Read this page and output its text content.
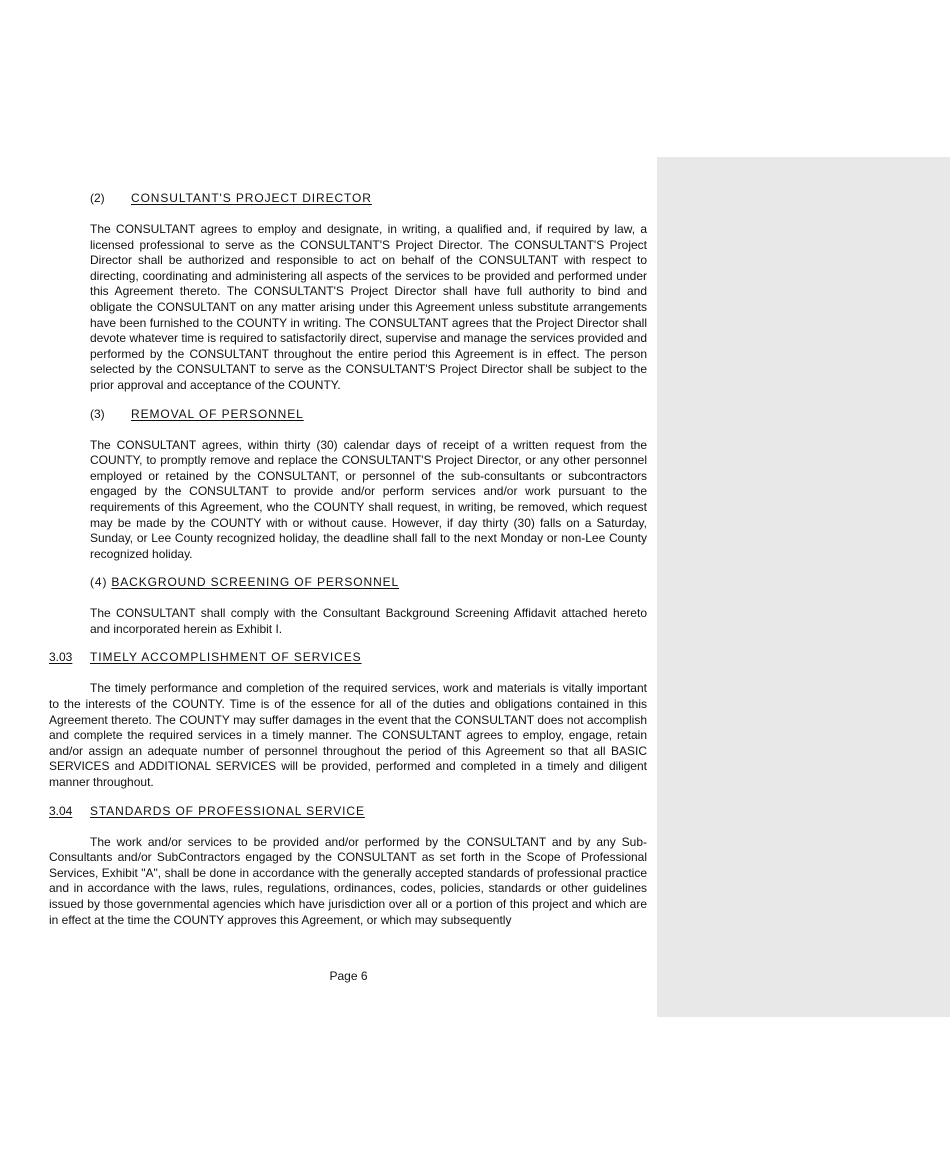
(2)	CONSULTANT'S PROJECT DIRECTOR

The CONSULTANT agrees to employ and designate, in writing, a qualified and, if required by law, a licensed professional to serve as the CONSULTANT'S Project Director. The CONSULTANT'S Project Director shall be authorized and responsible to act on behalf of the CONSULTANT with respect to directing, coordinating and administering all aspects of the services to be provided and performed under this Agreement thereto. The CONSULTANT'S Project Director shall have full authority to bind and obligate the CONSULTANT on any matter arising under this Agreement unless substitute arrangements have been furnished to the COUNTY in writing. The CONSULTANT agrees that the Project Director shall devote whatever time is required to satisfactorily direct, supervise and manage the services provided and performed by the CONSULTANT throughout the entire period this Agreement is in effect. The person selected by the CONSULTANT to serve as the CONSULTANT'S Project Director shall be subject to the prior approval and acceptance of the COUNTY.

(3)	REMOVAL OF PERSONNEL

The CONSULTANT agrees, within thirty (30) calendar days of receipt of a written request from the COUNTY, to promptly remove and replace the CONSULTANT'S Project Director, or any other personnel employed or retained by the CONSULTANT, or personnel of the sub-consultants or subcontractors engaged by the CONSULTANT to provide and/or perform services and/or work pursuant to the requirements of this Agreement, who the COUNTY shall request, in writing, be removed, which request may be made by the COUNTY with or without cause. However, if day thirty (30) falls on a Saturday, Sunday, or Lee County recognized holiday, the deadline shall fall to the next Monday or non-Lee County recognized holiday.

(4) BACKGROUND SCREENING OF PERSONNEL

The CONSULTANT shall comply with the Consultant Background Screening Affidavit attached hereto and incorporated herein as Exhibit I.

3.03	TIMELY ACCOMPLISHMENT OF SERVICES

The timely performance and completion of the required services, work and materials is vitally important to the interests of the COUNTY. Time is of the essence for all of the duties and obligations contained in this Agreement thereto. The COUNTY may suffer damages in the event that the CONSULTANT does not accomplish and complete the required services in a timely manner. The CONSULTANT agrees to employ, engage, retain and/or assign an adequate number of personnel throughout the period of this Agreement so that all BASIC SERVICES and ADDITIONAL SERVICES will be provided, performed and completed in a timely and diligent manner throughout.

3.04	STANDARDS OF PROFESSIONAL SERVICE

The work and/or services to be provided and/or performed by the CONSULTANT and by any Sub-Consultants and/or SubContractors engaged by the CONSULTANT as set forth in the Scope of Professional Services, Exhibit "A", shall be done in accordance with the generally accepted standards of professional practice and in accordance with the laws, rules, regulations, ordinances, codes, policies, standards or other guidelines issued by those governmental agencies which have jurisdiction over all or a portion of this project and which are in effect at the time the COUNTY approves this Agreement, or which may subsequently

Page 6
